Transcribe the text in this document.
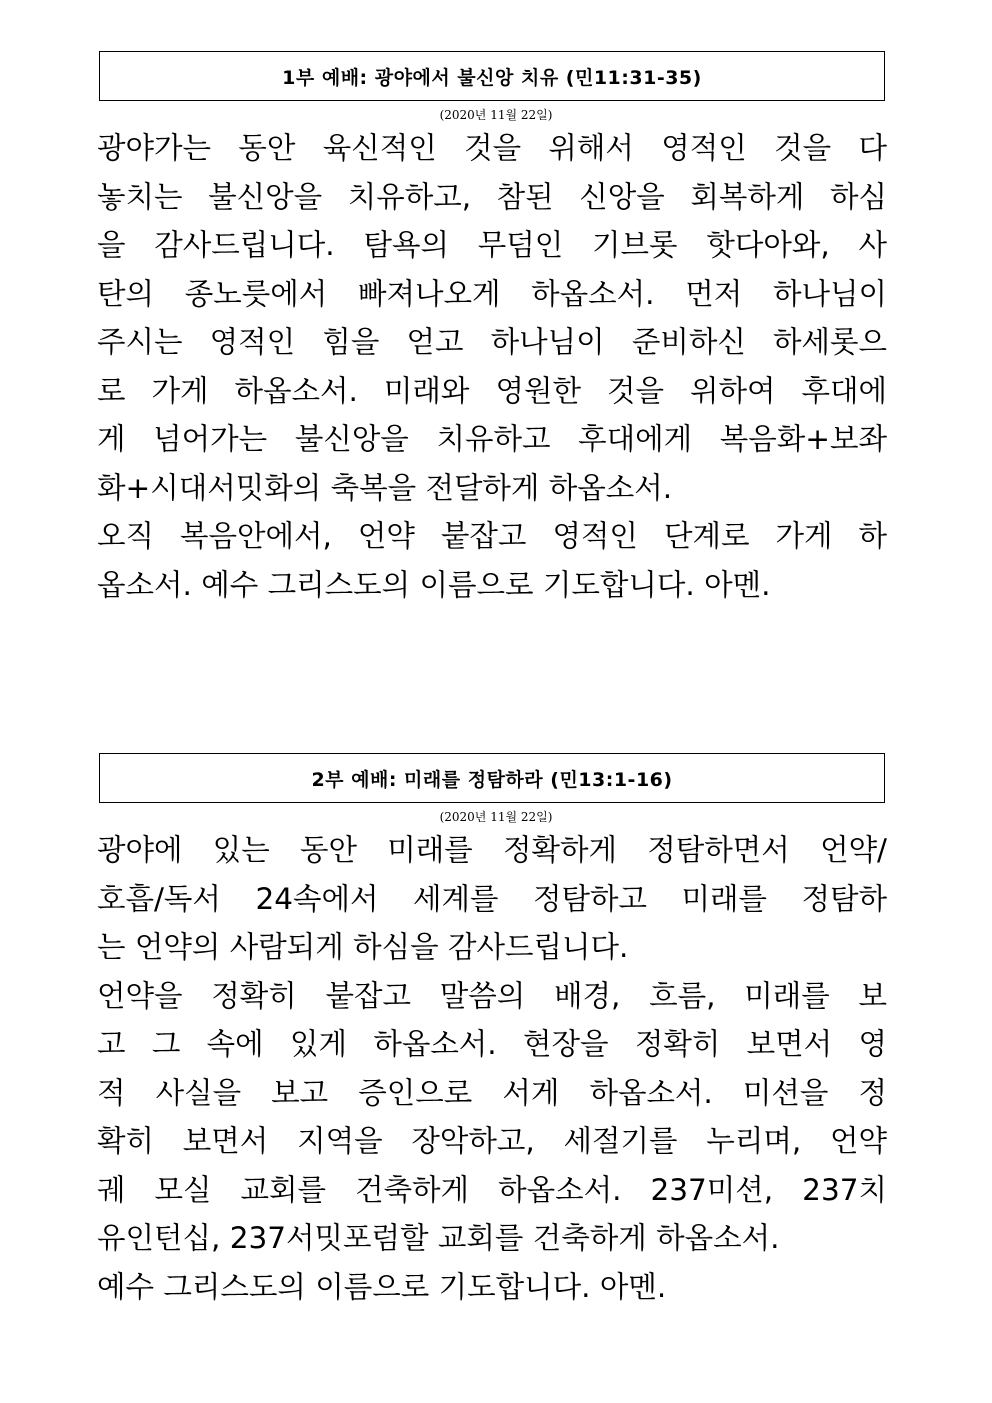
1부 예배: 광야에서 불신앙 치유 (민11:31-35)
(2020년 11월 22일)
광야가는 동안 육신적인 것을 위해서 영적인 것을 다
놓치는 불신앙을 치유하고, 참된 신앙을 회복하게 하심
을 감사드립니다. 탐욕의 무덤인 기브롯 핫다아와, 사
탄의 종노릇에서 빠져나오게 하옵소서. 먼저 하나님이
주시는 영적인 힘을 얻고 하나님이 준비하신 하세롯으
로 가게 하옵소서. 미래와 영원한 것을 위하여 후대에
게 넘어가는 불신앙을 치유하고 후대에게 복음화+보좌
화+시대서밋화의 축복을 전달하게 하옵소서.
오직 복음안에서, 언약 붙잡고 영적인 단계로 가게 하
옵소서. 예수 그리스도의 이름으로 기도합니다. 아멘.
2부 예배: 미래를 정탐하라 (민13:1-16)
(2020년 11월 22일)
광야에 있는 동안 미래를 정확하게 정탐하면서 언약/
호흡/독서 24속에서 세계를 정탐하고 미래를 정탐하
는 언약의 사람되게 하심을 감사드립니다.
언약을 정확히 붙잡고 말씀의 배경, 흐름, 미래를 보
고 그 속에 있게 하옵소서. 현장을 정확히 보면서 영
적 사실을 보고 증인으로 서게 하옵소서. 미션을 정
확히 보면서 지역을 장악하고, 세절기를 누리며, 언약
궤 모실 교회를 건축하게 하옵소서. 237미션, 237치
유인턴십, 237서밋포럼할 교회를 건축하게 하옵소서.
예수 그리스도의 이름으로 기도합니다. 아멘.
